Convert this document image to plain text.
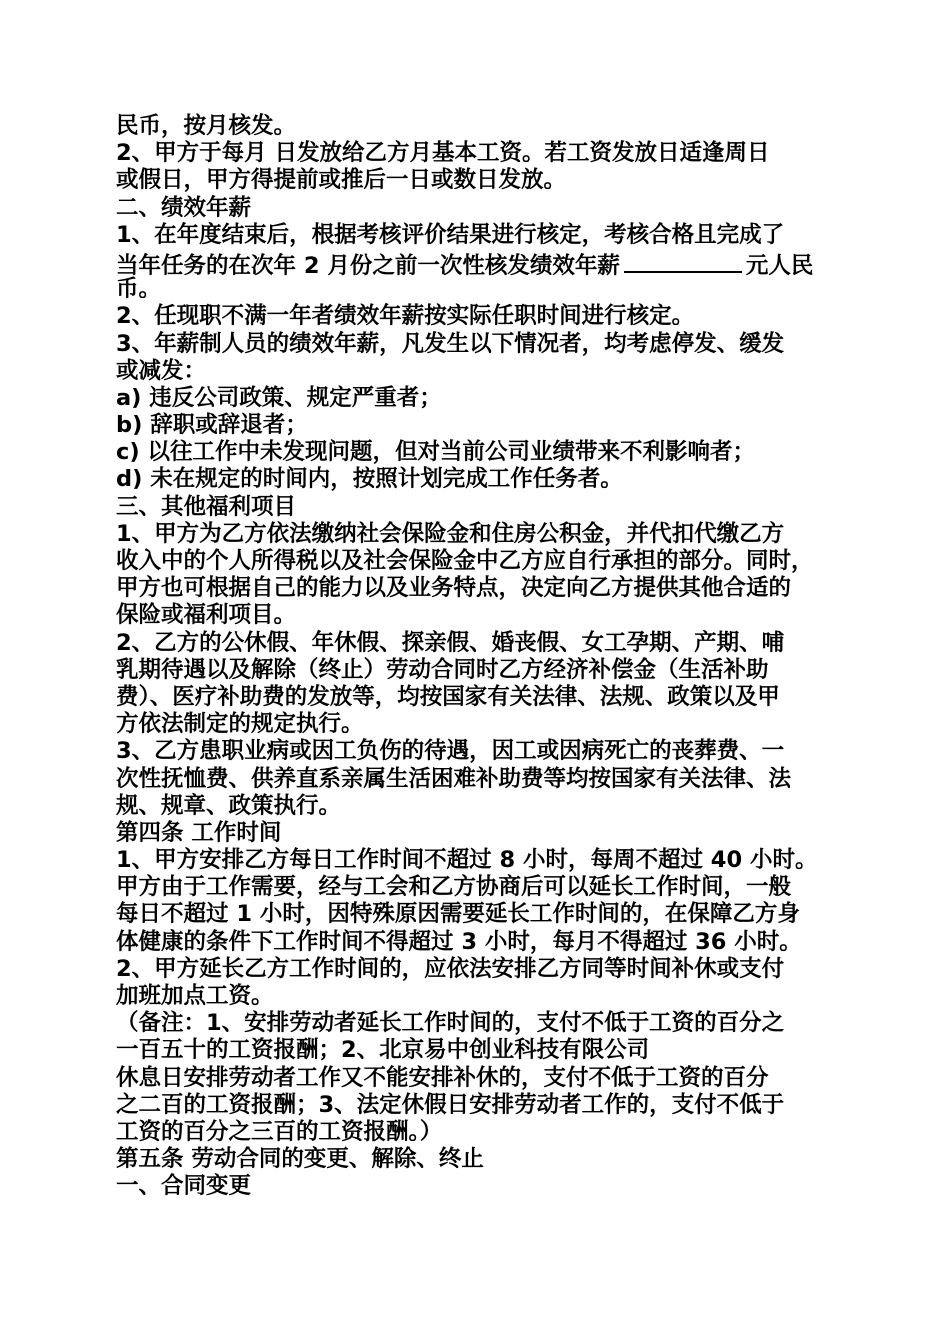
民币，按月核发。
2、甲方于每月 日发放给乙方月基本工资。若工资发放日适逢周日
或假日，甲方得提前或推后一日或数日发放。
二、绩效年薪
1、在年度结束后，根据考核评价结果进行核定，考核合格且完成了
当年任务的在次年 2 月份之前一次性核发绩效年薪	元人民
币。
2、任现职不满一年者绩效年薪按实际任职时间进行核定。
3、年薪制人员的绩效年薪，凡发生以下情况者，均考虑停发、缓发
或减发：
a) 违反公司政策、规定严重者；
b) 辞职或辞退者；
c) 以往工作中未发现问题，但对当前公司业绩带来不利影响者；
d) 未在规定的时间内，按照计划完成工作任务者。
三、其他福利项目
1、甲方为乙方依法缴纳社会保险金和住房公积金，并代扣代缴乙方
收入中的个人所得税以及社会保险金中乙方应自行承担的部分。同时，
甲方也可根据自己的能力以及业务特点，决定向乙方提供其他合适的
保险或福利项目。
2、乙方的公休假、年休假、探亲假、婚丧假、女工孕期、产期、哺
乳期待遇以及解除（终止）劳动合同时乙方经济补偿金（生活补助
费）、医疗补助费的发放等，均按国家有关法律、法规、政策以及甲
方依法制定的规定执行。
3、乙方患职业病或因工负伤的待遇，因工或因病死亡的丧葬费、一
次性抚恤费、供养直系亲属生活困难补助费等均按国家有关法律、法
规、规章、政策执行。
第四条 工作时间
1、甲方安排乙方每日工作时间不超过 8 小时，每周不超过 40 小时。
甲方由于工作需要，经与工会和乙方协商后可以延长工作时间，一般
每日不超过 1 小时，因特殊原因需要延长工作时间的，在保障乙方身
体健康的条件下工作时间不得超过 3 小时，每月不得超过 36 小时。
2、甲方延长乙方工作时间的，应依法安排乙方同等时间补休或支付
加班加点工资。
（备注：1、安排劳动者延长工作时间的，支付不低于工资的百分之
一百五十的工资报酬；2、北京易中创业科技有限公司
休息日安排劳动者工作又不能安排补休的，支付不低于工资的百分
之二百的工资报酬；3、法定休假日安排劳动者工作的，支付不低于
工资的百分之三百的工资报酬。）
第五条 劳动合同的变更、解除、终止
一、合同变更
